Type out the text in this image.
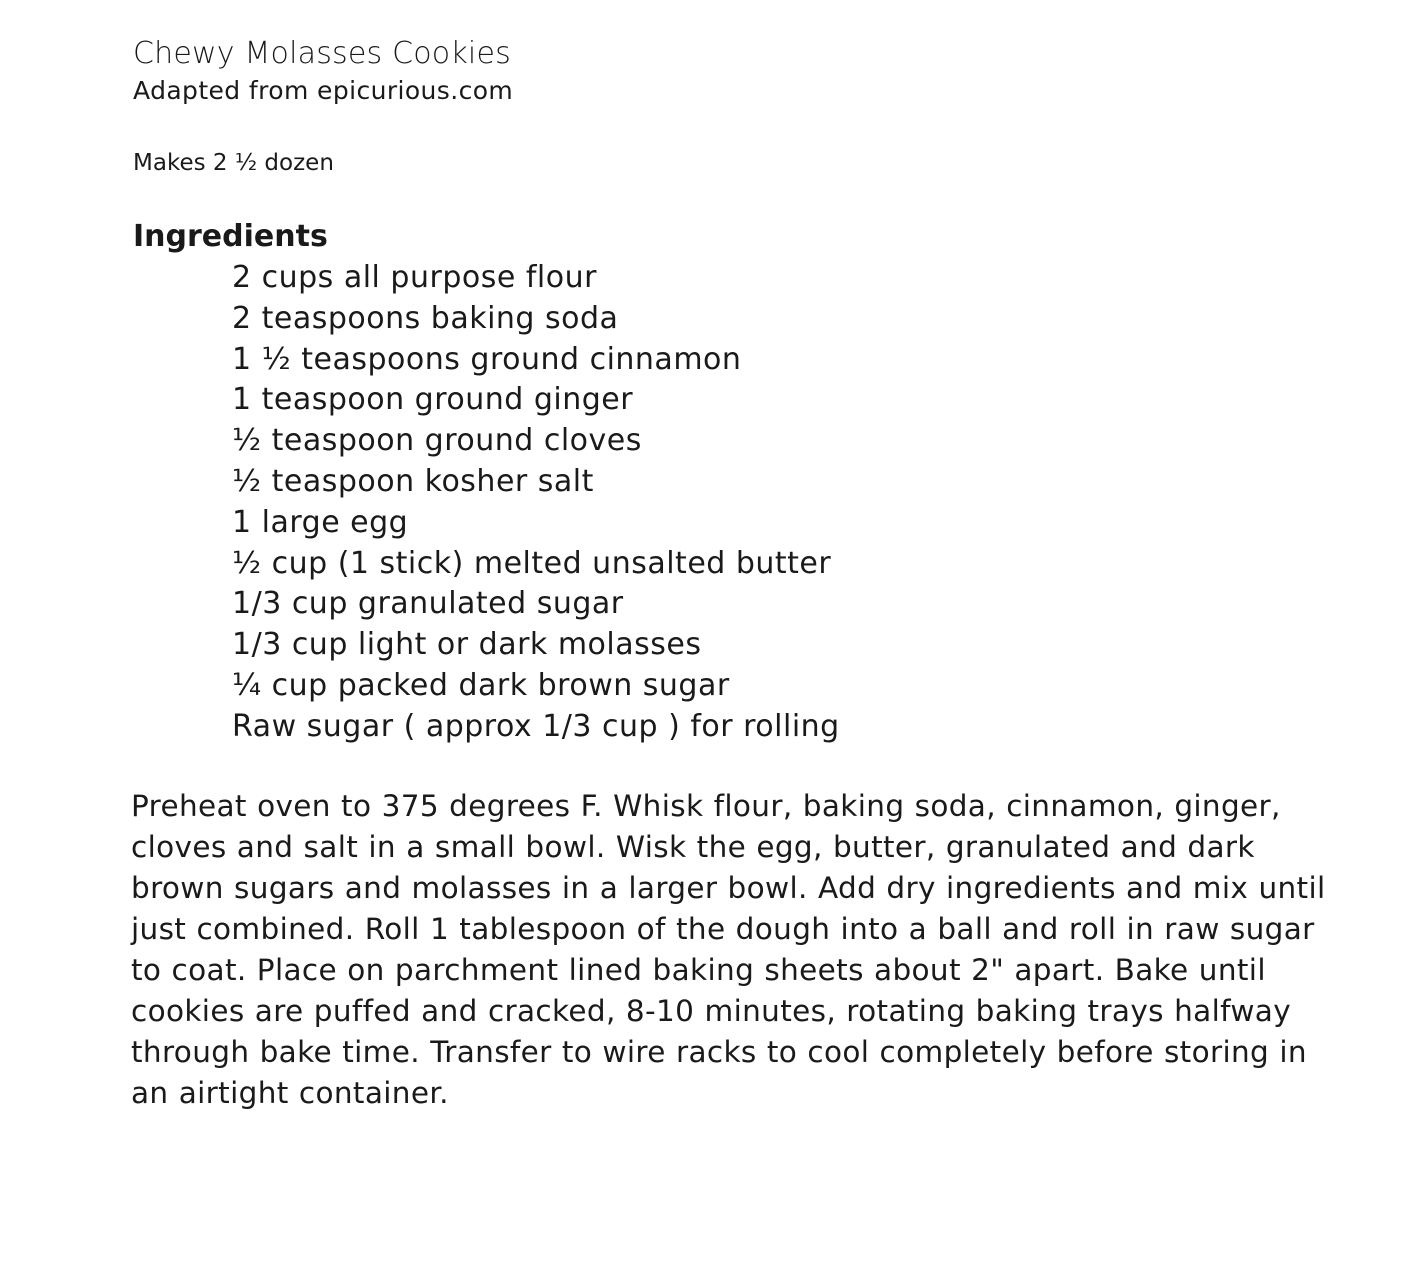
Chewy Molasses Cookies
Adapted from epicurious.com
Makes 2 ½ dozen
Ingredients
2 cups all purpose flour
2 teaspoons baking soda
1 ½ teaspoons ground cinnamon
1 teaspoon ground ginger
½ teaspoon ground cloves
½ teaspoon kosher salt
1 large egg
½ cup (1 stick) melted unsalted butter
1/3 cup granulated sugar
1/3 cup light or dark molasses
¼ cup packed dark brown sugar
Raw sugar ( approx 1/3 cup ) for rolling

Preheat oven to 375 degrees F. Whisk flour, baking soda, cinnamon, ginger, cloves and salt in a small bowl. Wisk the egg, butter, granulated and dark brown sugars and molasses in a larger bowl. Add dry ingredients and mix until just combined. Roll 1 tablespoon of the dough into a ball and roll in raw sugar to coat. Place on parchment lined baking sheets about 2" apart. Bake until cookies are puffed and cracked, 8-10 minutes, rotating baking trays halfway through bake time. Transfer to wire racks to cool completely before storing in an airtight container.
